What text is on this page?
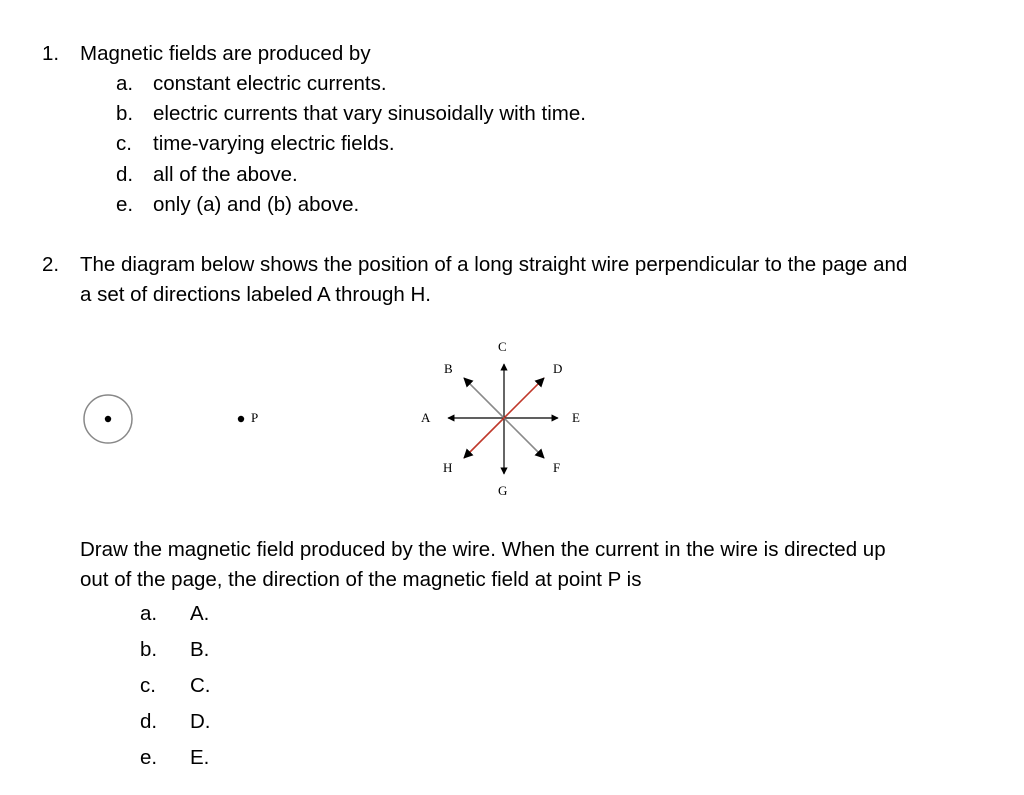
1. Magnetic fields are produced by
a. constant electric currents.
b. electric currents that vary sinusoidally with time.
c. time-varying electric fields.
d. all of the above.
e. only (a) and (b) above.
2. The diagram below shows the position of a long straight wire perpendicular to the page and
a set of directions labeled A through H.
P
C
B	D
A	E
H	F
G
Draw the magnetic field produced by the wire. When the current in the wire is directed up
out of the page, the direction of the magnetic field at point P is
a. A.
b. B.
c. C.
d. D.
e. E.
